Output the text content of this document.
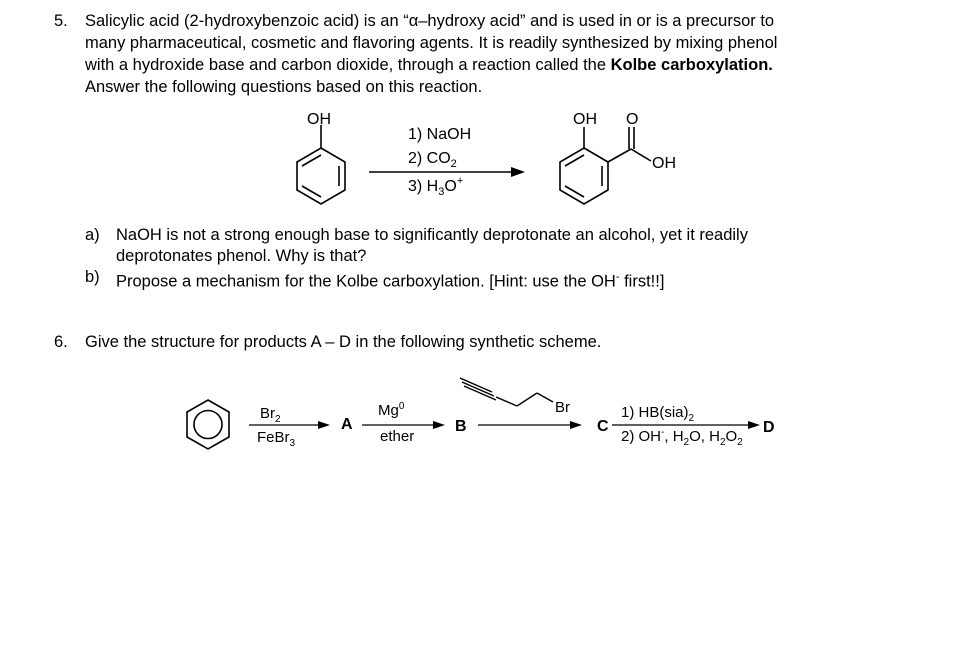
5. Salicylic acid (2-hydroxybenzoic acid) is an “α–hydroxy acid” and is used in or is a precursor to
many pharmaceutical, cosmetic and flavoring agents. It is readily synthesized by mixing phenol
with a hydroxide base and carbon dioxide, through a reaction called the Kolbe carboxylation.
Answer the following questions based on this reaction.
OH
1) NaOH
2) $CO_2$
3) $H_3O^+$
OH O
OH
$Br_2$
FeBr$_3$
A
Mg$^0$
ether
B
Br
C
1) $HB(sia)_2$
2) OH-, $H_2O$, $H_2O_2$
D
a) NaOH is not a strong enough base to significantly deprotonate an alcohol, yet it readily
deprotonates phenol. Why is that?
b) Propose a mechanism for the Kolbe carboxylation. [Hint: use the OH- first!!]
6. Give the structure for products A – D in the following synthetic scheme.
